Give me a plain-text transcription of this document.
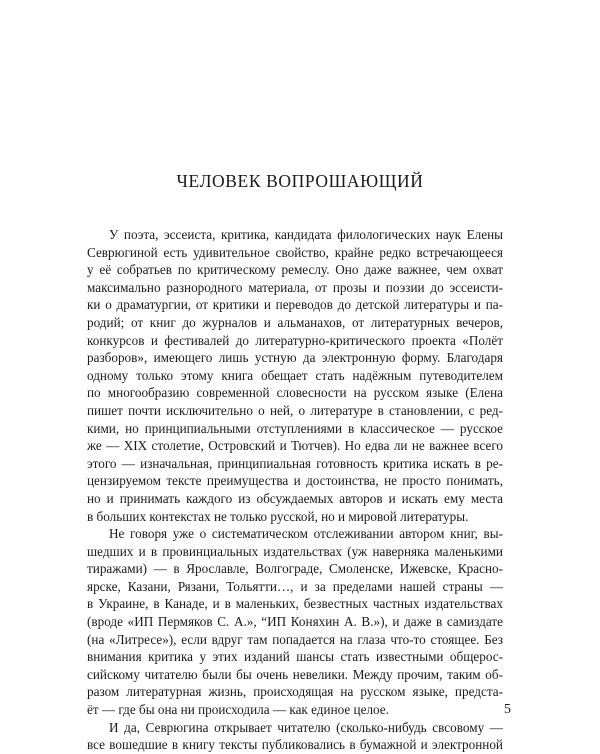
ЧЕЛОВЕК ВОПРОШАЮЩИЙ

У поэта, эссеиста, критика, кандидата филологических наук Елены
Севрюгиной есть удивительное свойство, крайне редко встречающееся
у её собратьев по критическому ремеслу. Оно даже важнее, чем охват
максимально разнородного материала, от прозы и поэзии до эссеисти-
ки о драматургии, от критики и переводов до детской литературы и па-
родий; от книг до журналов и альманахов, от литературных вечеров,
конкурсов и фестивалей до литературно-критического проекта «Полёт
разборов», имеющего лишь устную да электронную форму. Благодаря
одному только этому книга обещает стать надёжным путеводителем
по многообразию современной словесности на русском языке (Елена
пишет почти исключительно о ней, о литературе в становлении, с ред-
кими, но принципиальными отступлениями в классическое — русское
же — XIX столетие, Островский и Тютчев). Но едва ли не важнее всего
этого — изначальная, принципиальная готовность критика искать в ре-
цензируемом тексте преимущества и достоинства, не просто понимать,
но и принимать каждого из обсуждаемых авторов и искать ему места
в больших контекстах не только русской, но и мировой литературы.

Не говоря уже о систематическом отслеживании автором книг, вы-
шедших и в провинциальных издательствах (уж наверняка маленькими
тиражами) — в Ярославле, Волгограде, Смоленске, Ижевске, Красно-
ярске, Казани, Рязани, Тольятти…, и за пределами нашей страны —
в Украине, в Канаде, и в маленьких, безвестных частных издательствах
(вроде «ИП Пермяков С. А.», “ИП Коняхин А. В.»), и даже в самиздате
(на «Литресе»), если вдруг там попадается на глаза что-то стоящее. Без
внимания критика у этих изданий шансы стать известными общерос-
сийскому читателю были бы очень невелики. Между прочим, таким об-
разом литературная жизнь, происходящая на русском языке, предста-
ёт — где бы она ни происходила — как единое целое.

И да, Севрюгина открывает читателю (сколько-нибудь свсовому —
все вошедшие в книгу тексты публиковались в бумажной и электронной

5
